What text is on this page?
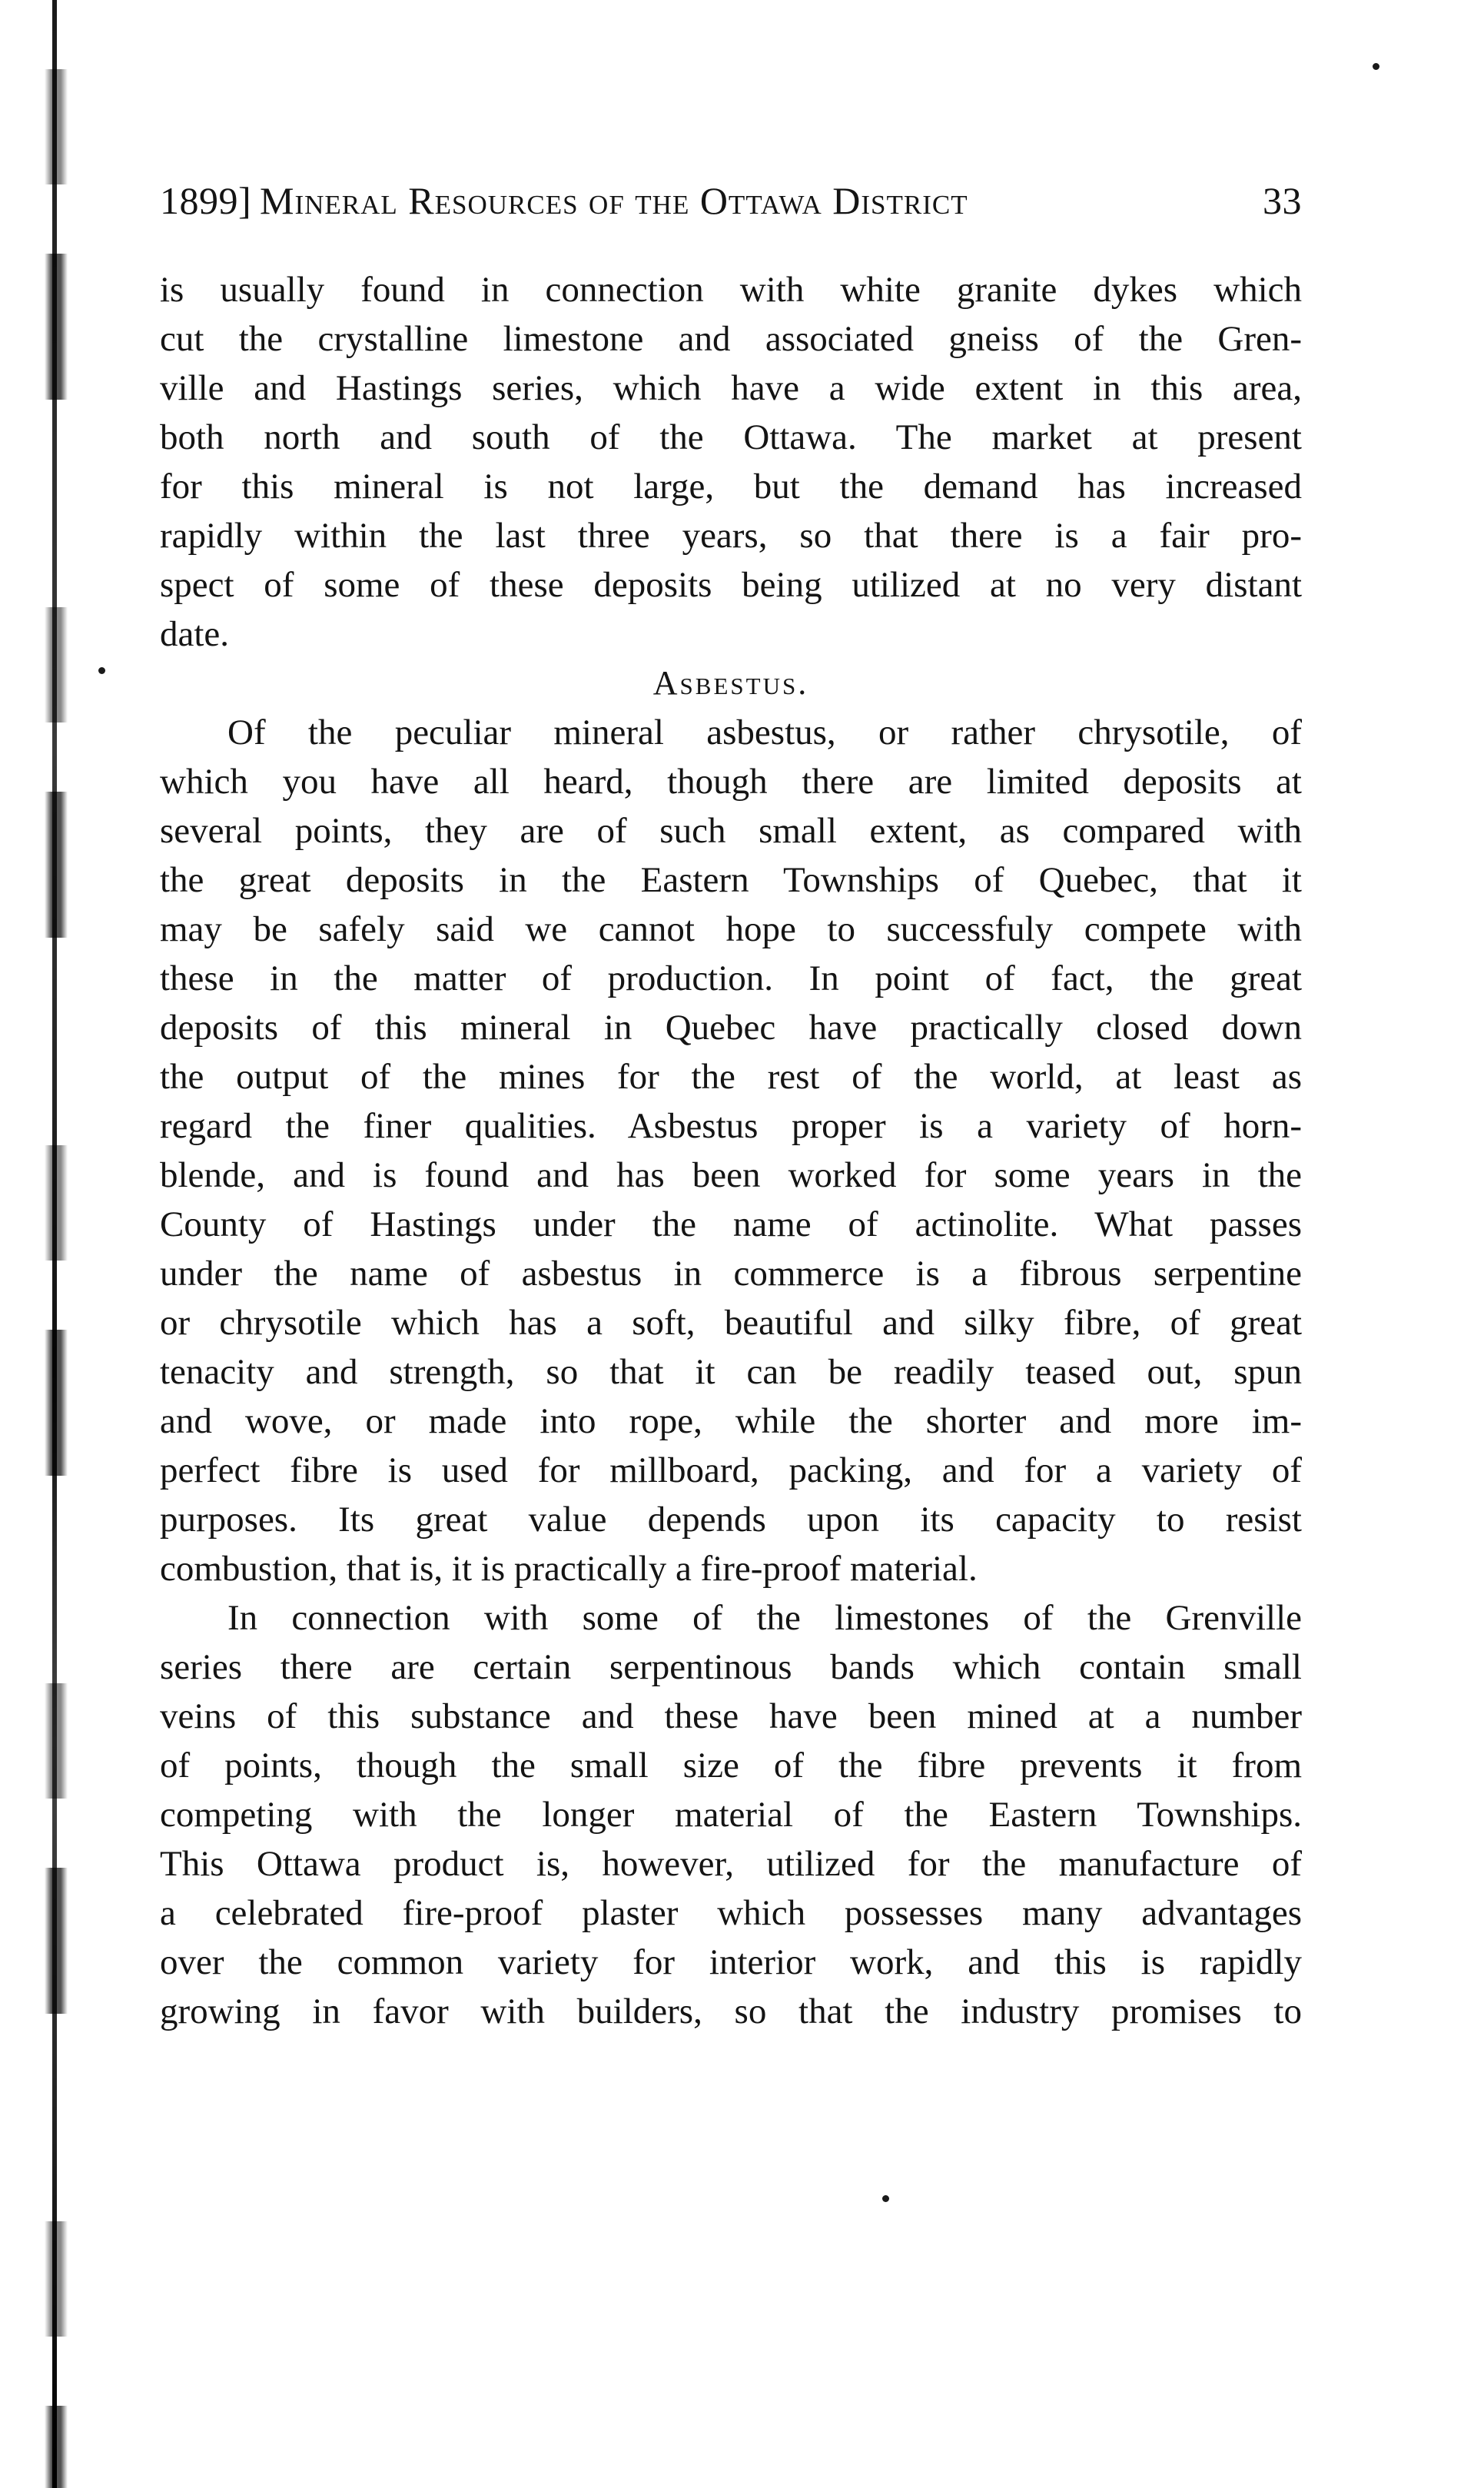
1899] Mineral Resources of the Ottawa District	33
is usually found in connection with white granite dykes which
cut the crystalline limestone and associated gneiss of the Gren-
ville and Hastings series, which have a wide extent in this area,
both north and south of the Ottawa. The market at present
for this mineral is not large, but the demand has increased
rapidly within the last three years, so that there is a fair pro-
spect of some of these deposits being utilized at no very distant
date.
Asbestus.
Of the peculiar mineral asbestus, or rather chrysotile, of
which you have all heard, though there are limited deposits at
several points, they are of such small extent, as compared with
the great deposits in the Eastern Townships of Quebec, that it
may be safely said we cannot hope to successfuly compete with
these in the matter of production. In point of fact, the great
deposits of this mineral in Quebec have practically closed down
the output of the mines for the rest of the world, at least as
regard the finer qualities. Asbestus proper is a variety of horn-
blende, and is found and has been worked for some years in the
County of Hastings under the name of actinolite. What passes
under the name of asbestus in commerce is a fibrous serpentine
or chrysotile which has a soft, beautiful and silky fibre, of great
tenacity and strength, so that it can be readily teased out, spun
and wove, or made into rope, while the shorter and more im-
perfect fibre is used for millboard, packing, and for a variety of
purposes. Its great value depends upon its capacity to resist
combustion, that is, it is practically a fire-proof material.
In connection with some of the limestones of the Grenville
series there are certain serpentinous bands which contain small
veins of this substance and these have been mined at a number
of points, though the small size of the fibre prevents it from
competing with the longer material of the Eastern Townships.
This Ottawa product is, however, utilized for the manufacture of
a celebrated fire-proof plaster which possesses many advantages
over the common variety for interior work, and this is rapidly
growing in favor with builders, so that the industry promises to
